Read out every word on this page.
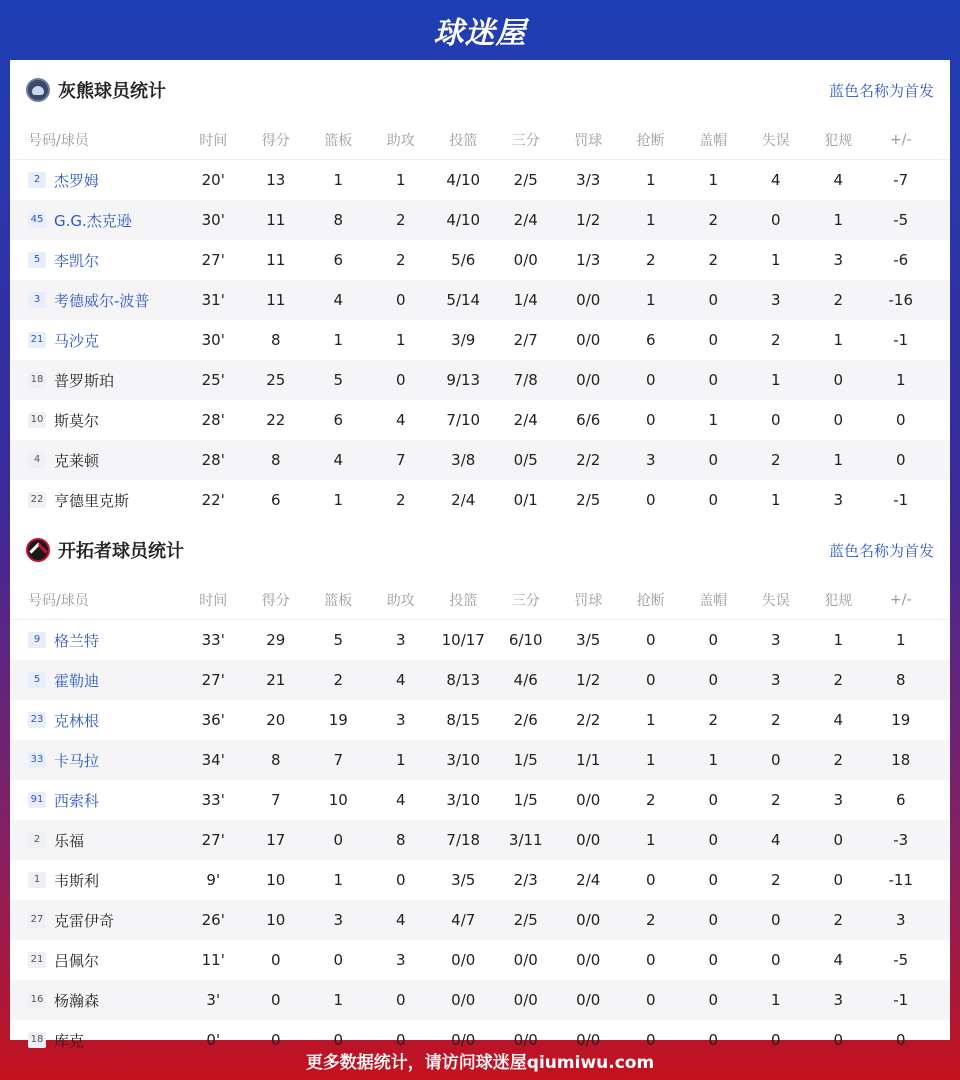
球迷屋
灰熊球员统计	蓝色名称为首发
号码/球员	时间	得分	篮板	助攻	投篮	三分	罚球	抢断	盖帽	失误	犯规	+/-
2 杰罗姆	20'	13	1	1	4/10	2/5	3/3	1	1	4	4	-7
45 G.G.杰克逊	30'	11	8	2	4/10	2/4	1/2	1	2	0	1	-5
5 李凯尔	27'	11	6	2	5/6	0/0	1/3	2	2	1	3	-6
3 考德威尔-波普	31'	11	4	0	5/14	1/4	0/0	1	0	3	2	-16
21 马沙克	30'	8	1	1	3/9	2/7	0/0	6	0	2	1	-1
18 普罗斯珀	25'	25	5	0	9/13	7/8	0/0	0	0	1	0	1
10 斯莫尔	28'	22	6	4	7/10	2/4	6/6	0	1	0	0	0
4 克莱顿	28'	8	4	7	3/8	0/5	2/2	3	0	2	1	0
22 亨德里克斯	22'	6	1	2	2/4	0/1	2/5	0	0	1	3	-1
开拓者球员统计	蓝色名称为首发
号码/球员	时间	得分	篮板	助攻	投篮	三分	罚球	抢断	盖帽	失误	犯规	+/-
9 格兰特	33'	29	5	3	10/17	6/10	3/5	0	0	3	1	1
5 霍勒迪	27'	21	2	4	8/13	4/6	1/2	0	0	3	2	8
23 克林根	36'	20	19	3	8/15	2/6	2/2	1	2	2	4	19
33 卡马拉	34'	8	7	1	3/10	1/5	1/1	1	1	0	2	18
91 西索科	33'	7	10	4	3/10	1/5	0/0	2	0	2	3	6
2 乐福	27'	17	0	8	7/18	3/11	0/0	1	0	4	0	-3
1 韦斯利	9'	10	1	0	3/5	2/3	2/4	0	0	2	0	-11
27 克雷伊奇	26'	10	3	4	4/7	2/5	0/0	2	0	0	2	3
21 吕佩尔	11'	0	0	3	0/0	0/0	0/0	0	0	0	4	-5
16 杨瀚森	3'	0	1	0	0/0	0/0	0/0	0	0	1	3	-1
18 库克	0'	0	0	0	0/0	0/0	0/0	0	0	0	0	0
更多数据统计，请访问球迷屋qiumiwu.com
